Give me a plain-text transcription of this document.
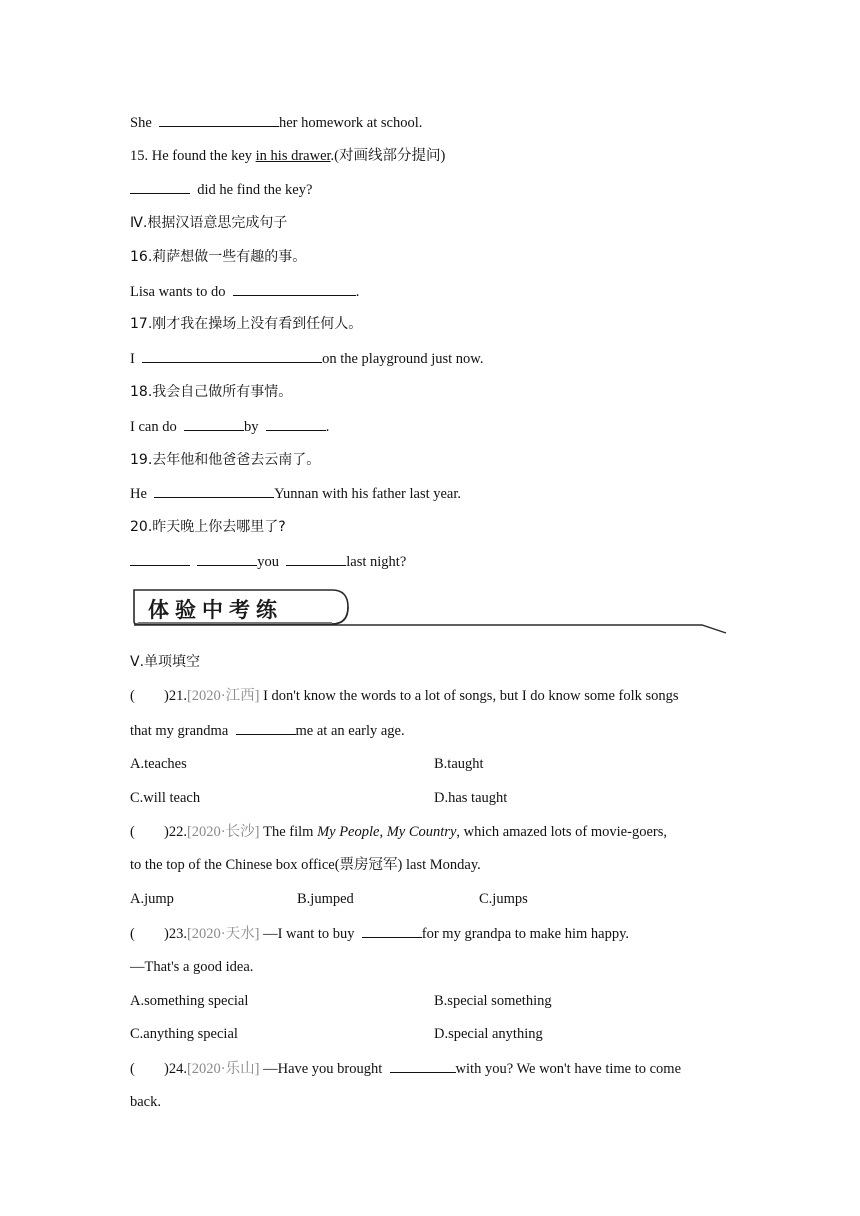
She	her homework at school.
15. He found the key in his drawer.(对画线部分提问)
did he find the key?
Ⅳ.根据汉语意思完成句子
16.莉萨想做一些有趣的事。
Lisa wants to do	.
17.刚才我在操场上没有看到任何人。
I	on the playground just now.
18.我会自己做所有事情。
I can do	by	.
19.去年他和他爸爸去云南了。
He	Yunnan with his father last year.
20.昨天晚上你去哪里了?
you	last night?
体验中考练
Ⅴ.单项填空
( )21.[2020·江西] I don't know the words to a lot of songs, but I do know some folk songs
that my grandma	me at an early age.
A.teaches	B.taught
C.will teach	D.has taught
( )22.[2020·长沙] The film My People, My Country, which amazed lots of movie-goers,
to the top of the Chinese box office(票房冠军) last Monday.
A.jump	B.jumped	C.jumps
( )23.[2020·天水] —I want to buy	for my grandpa to make him happy.
—That's a good idea.
A.something special	B.special something
C.anything special	D.special anything
( )24.[2020·乐山] —Have you brought	with you? We won't have time to come
back.
